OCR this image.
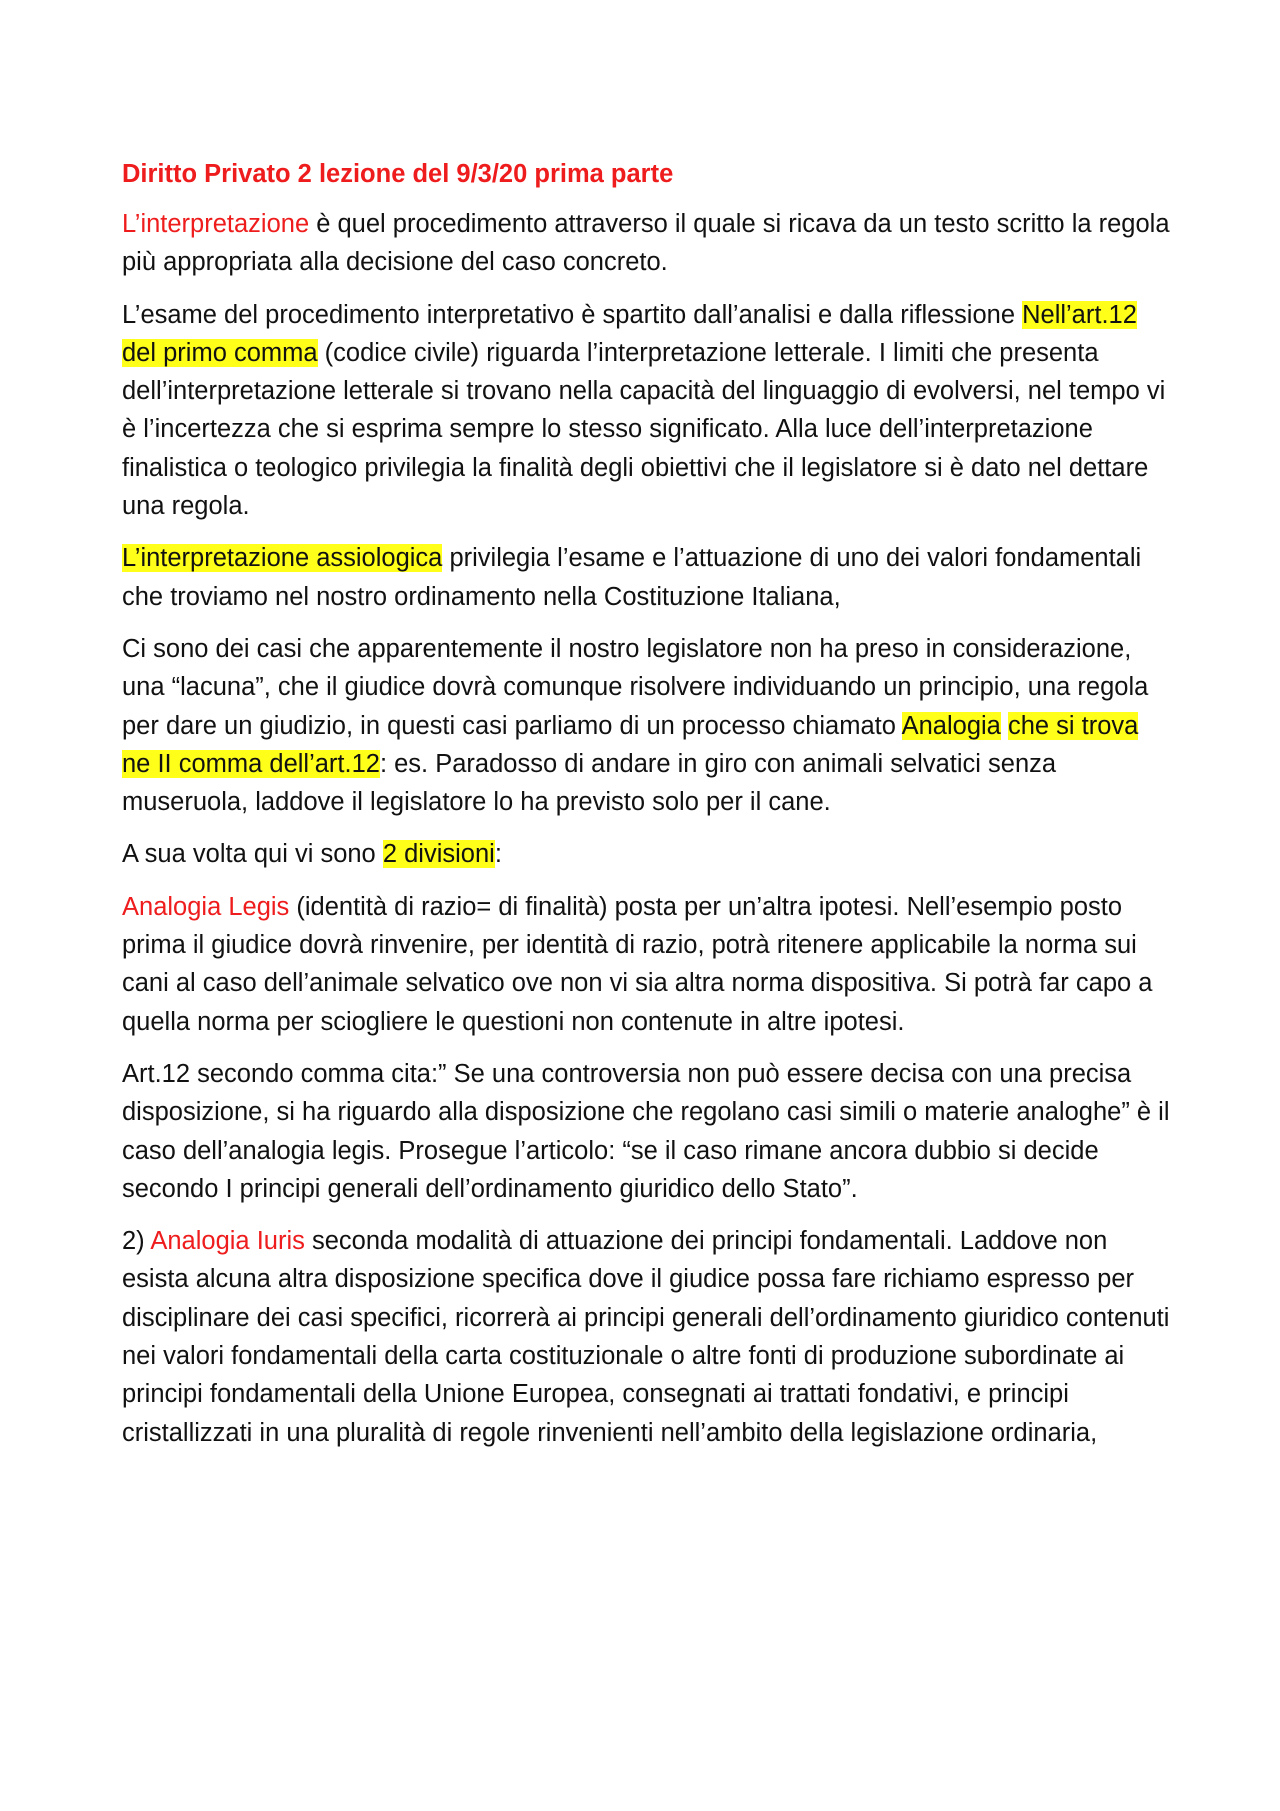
Diritto Privato 2 lezione del 9/3/20 prima parte

L’interpretazione è quel procedimento attraverso il quale si ricava da un testo scritto la regola più appropriata alla decisione del caso concreto.

L’esame del procedimento interpretativo è spartito dall’analisi e dalla riflessione Nell’art.12 del primo comma (codice civile) riguarda l’interpretazione letterale. I limiti che presenta dell’interpretazione letterale si trovano nella capacità del linguaggio di evolversi, nel tempo vi è l’incertezza che si esprima sempre lo stesso significato. Alla luce dell’interpretazione finalistica o teologico privilegia la finalità degli obiettivi che il legislatore si è dato nel dettare una regola.

L’interpretazione assiologica privilegia l’esame e l’attuazione di uno dei valori fondamentali che troviamo nel nostro ordinamento nella Costituzione Italiana,

Ci sono dei casi che apparentemente il nostro legislatore non ha preso in considerazione, una “lacuna”, che il giudice dovrà comunque risolvere individuando un principio, una regola per dare un giudizio, in questi casi parliamo di un processo chiamato Analogia che si trova ne II comma dell’art.12: es. Paradosso di andare in giro con animali selvatici senza museruola, laddove il legislatore lo ha previsto solo per il cane.

A sua volta qui vi sono 2 divisioni:

Analogia Legis (identità di razio= di finalità) posta per un’altra ipotesi. Nell’esempio posto prima il giudice dovrà rinvenire, per identità di razio, potrà ritenere applicabile la norma sui cani al caso dell’animale selvatico ove non vi sia altra norma dispositiva. Si potrà far capo a quella norma per sciogliere le questioni non contenute in altre ipotesi.

Art.12 secondo comma cita:” Se una controversia non può essere decisa con una precisa disposizione, si ha riguardo alla disposizione che regolano casi simili o materie analoghe” è il caso dell’analogia legis. Prosegue l’articolo: “se il caso rimane ancora dubbio si decide secondo I principi generali dell’ordinamento giuridico dello Stato”.

2) Analogia Iuris seconda modalità di attuazione dei principi fondamentali. Laddove non esista alcuna altra disposizione specifica dove il giudice possa fare richiamo espresso per disciplinare dei casi specifici, ricorrerà ai principi generali dell’ordinamento giuridico contenuti nei valori fondamentali della carta costituzionale o altre fonti di produzione subordinate ai principi fondamentali della Unione Europea, consegnati ai trattati fondativi, e principi cristallizzati in una pluralità di regole rinvenienti nell’ambito della legislazione ordinaria,
